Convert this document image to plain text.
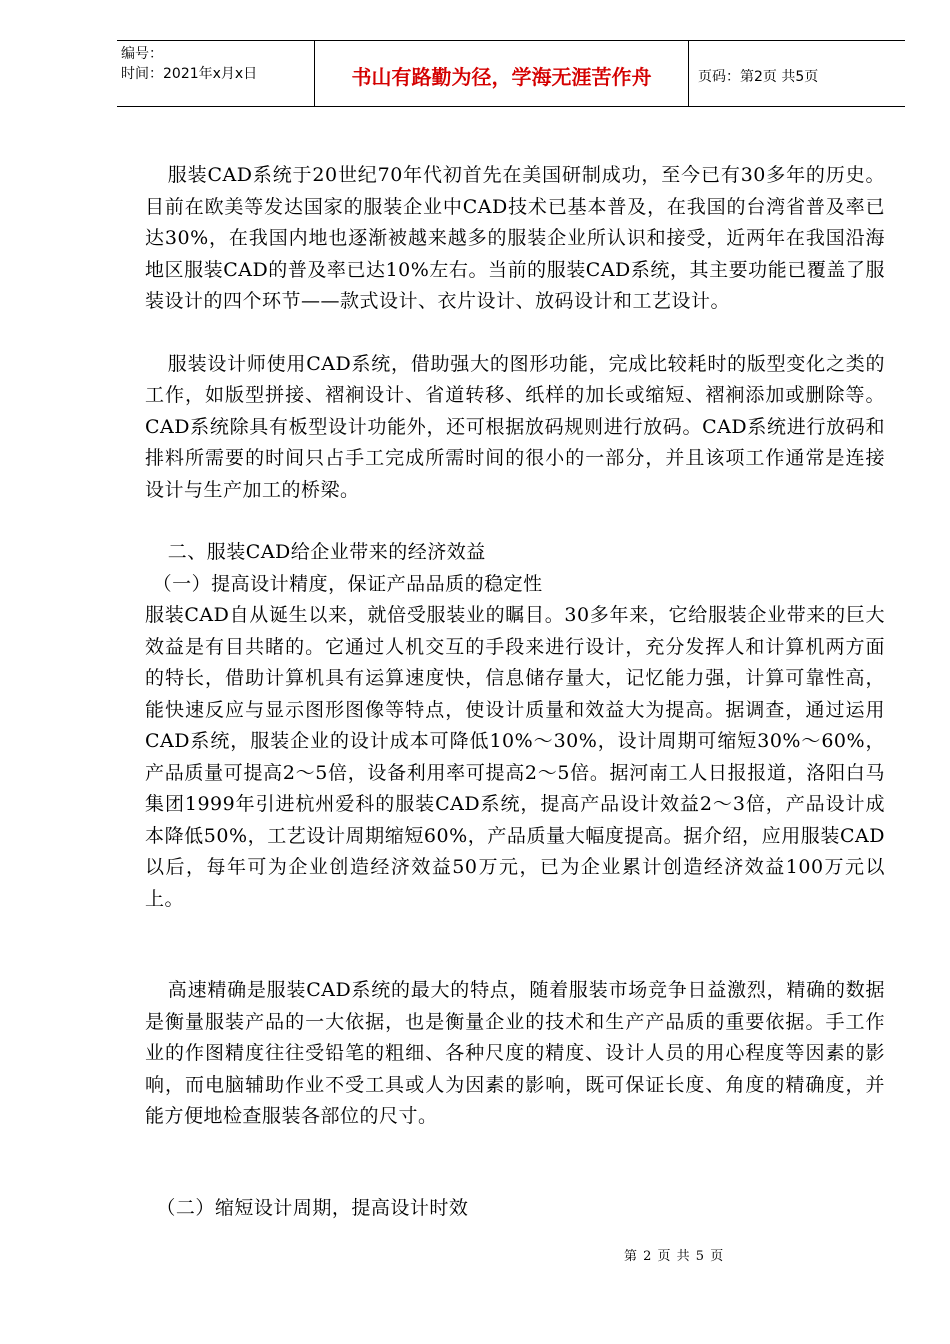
编号：
时间：2021年x月x日	书山有路勤为径，学海无涯苦作舟	页码：第2页 共5页

服装CAD系统于20世纪70年代初首先在美国研制成功，至今已有30多年的历史。目前在欧美等发达国家的服装企业中CAD技术已基本普及，在我国的台湾省普及率已达30%，在我国内地也逐渐被越来越多的服装企业所认识和接受，近两年在我国沿海地区服装CAD的普及率已达10%左右。当前的服装CAD系统，其主要功能已覆盖了服装设计的四个环节——款式设计、衣片设计、放码设计和工艺设计。

服装设计师使用CAD系统，借助强大的图形功能，完成比较耗时的版型变化之类的工作，如版型拼接、褶裥设计、省道转移、纸样的加长或缩短、褶裥添加或删除等。CAD系统除具有板型设计功能外，还可根据放码规则进行放码。CAD系统进行放码和排料所需要的时间只占手工完成所需时间的很小的一部分，并且该项工作通常是连接设计与生产加工的桥梁。

二、服装CAD给企业带来的经济效益

（一）提高设计精度，保证产品品质的稳定性

服装CAD自从诞生以来，就倍受服装业的瞩目。30多年来，它给服装企业带来的巨大效益是有目共睹的。它通过人机交互的手段来进行设计，充分发挥人和计算机两方面的特长，借助计算机具有运算速度快，信息储存量大，记忆能力强，计算可靠性高，能快速反应与显示图形图像等特点，使设计质量和效益大为提高。据调查，通过运用CAD系统，服装企业的设计成本可降低10%～30%，设计周期可缩短30%～60%，产品质量可提高2～5倍，设备利用率可提高2～5倍。据河南工人日报报道，洛阳白马集团1999年引进杭州爱科的服装CAD系统，提高产品设计效益2～3倍，产品设计成本降低50%，工艺设计周期缩短60%，产品质量大幅度提高。据介绍，应用服装CAD以后，每年可为企业创造经济效益50万元，已为企业累计创造经济效益100万元以上。

高速精确是服装CAD系统的最大的特点，随着服装市场竞争日益激烈，精确的数据是衡量服装产品的一大依据，也是衡量企业的技术和生产产品质的重要依据。手工作业的作图精度往往受铅笔的粗细、各种尺度的精度、设计人员的用心程度等因素的影响，而电脑辅助作业不受工具或人为因素的影响，既可保证长度、角度的精确度，并能方便地检查服装各部位的尺寸。

（二）缩短设计周期，提高设计时效

第 2 页 共 5 页
